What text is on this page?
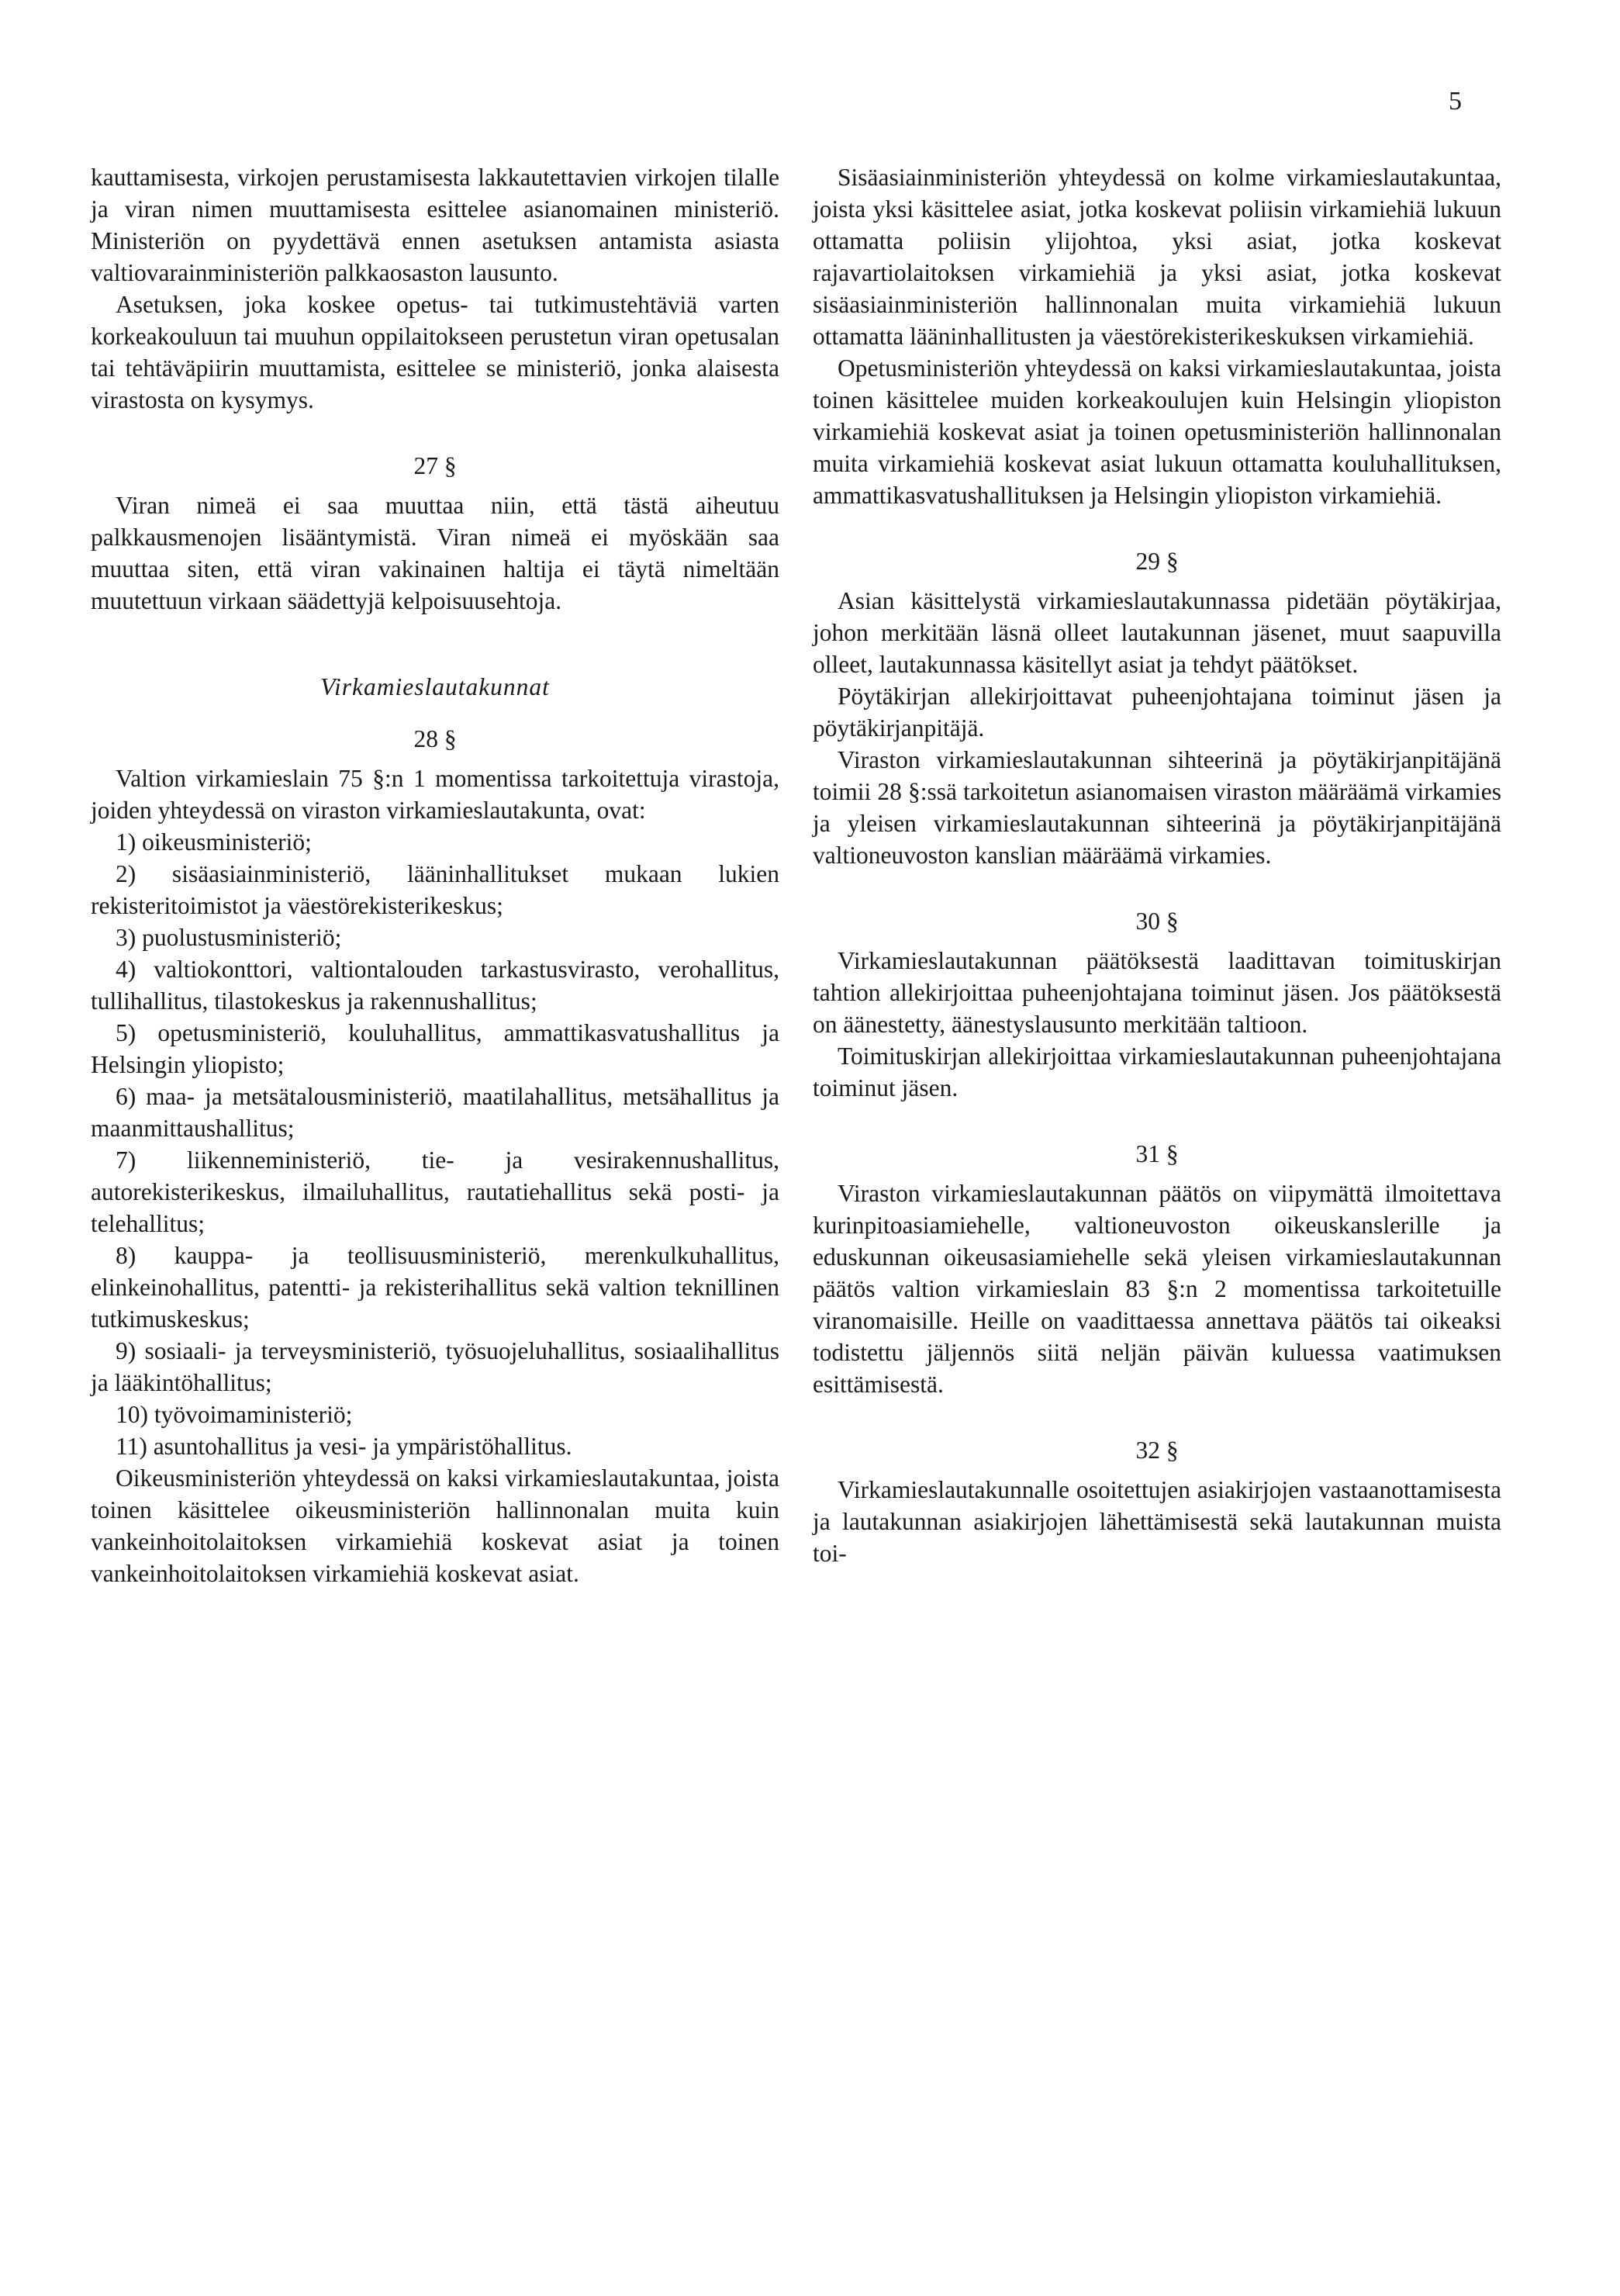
5

kauttamisesta, virkojen perustamisesta lakkautettavien virkojen tilalle ja viran nimen muuttamisesta esittelee asianomainen ministeriö. Ministeriön on pyydettävä ennen asetuksen antamista asiasta valtiovarainministeriön palkkaosaston lausunto.

Asetuksen, joka koskee opetus- tai tutkimustehtäviä varten korkeakouluun tai muuhun oppilaitokseen perustetun viran opetusalan tai tehtäväpiirin muuttamista, esittelee se ministeriö, jonka alaisesta virastosta on kysymys.

27 §

Viran nimeä ei saa muuttaa niin, että tästä aiheutuu palkkausmenojen lisääntymistä. Viran nimeä ei myöskään saa muuttaa siten, että viran vakinainen haltija ei täytä nimeltään muutettuun virkaan säädettyjä kelpoisuusehtoja.

Virkamieslautakunnat
28 §

Valtion virkamieslain 75 §:n 1 momentissa tarkoitettuja virastoja, joiden yhteydessä on viraston virkamieslautakunta, ovat:

1) oikeusministeriö;

2) sisäasiainministeriö, lääninhallitukset mukaan lukien rekisteritoimistot ja väestörekisterikeskus;

3) puolustusministeriö;

4) valtiokonttori, valtiontalouden tarkastusvirasto, verohallitus, tullihallitus, tilastokeskus ja rakennushallitus;

5) opetusministeriö, kouluhallitus, ammattikasvatushallitus ja Helsingin yliopisto;

6) maa- ja metsätalousministeriö, maatilahallitus, metsähallitus ja maanmittaushallitus;

7) liikenneministeriö, tie- ja vesirakennushallitus, autorekisterikeskus, ilmailuhallitus, rautatiehallitus sekä posti- ja telehallitus;

8) kauppa- ja teollisuusministeriö, merenkulkuhallitus, elinkeinohallitus, patentti- ja rekisterihallitus sekä valtion teknillinen tutkimuskeskus;

9) sosiaali- ja terveysministeriö, työsuojeluhallitus, sosiaalihallitus ja lääkintöhallitus;

10) työvoimaministeriö;

11) asuntohallitus ja vesi- ja ympäristöhallitus.

Oikeusministeriön yhteydessä on kaksi virkamieslautakuntaa, joista toinen käsittelee oikeusministeriön hallinnonalan muita kuin vankeinhoitolaitoksen virkamiehiä koskevat asiat ja toinen vankeinhoitolaitoksen virkamiehiä koskevat asiat.

Sisäasiainministeriön yhteydessä on kolme virkamieslautakuntaa, joista yksi käsittelee asiat, jotka koskevat poliisin virkamiehiä lukuun ottamatta poliisin ylijohtoa, yksi asiat, jotka koskevat rajavartiolaitoksen virkamiehiä ja yksi asiat, jotka koskevat sisäasiainministeriön hallinnonalan muita virkamiehiä lukuun ottamatta lääninhallitusten ja väestörekisterikeskuksen virkamiehiä.

Opetusministeriön yhteydessä on kaksi virkamieslautakuntaa, joista toinen käsittelee muiden korkeakoulujen kuin Helsingin yliopiston virkamiehiä koskevat asiat ja toinen opetusministeriön hallinnonalan muita virkamiehiä koskevat asiat lukuun ottamatta kouluhallituksen, ammattikasvatushallituksen ja Helsingin yliopiston virkamiehiä.

29 §

Asian käsittelystä virkamieslautakunnassa pidetään pöytäkirjaa, johon merkitään läsnä olleet lautakunnan jäsenet, muut saapuvilla olleet, lautakunnassa käsitellyt asiat ja tehdyt päätökset.

Pöytäkirjan allekirjoittavat puheenjohtajana toiminut jäsen ja pöytäkirjanpitäjä.

Viraston virkamieslautakunnan sihteerinä ja pöytäkirjanpitäjänä toimii 28 §:ssä tarkoitetun asianomaisen viraston määräämä virkamies ja yleisen virkamieslautakunnan sihteerinä ja pöytäkirjanpitäjänä valtioneuvoston kanslian määräämä virkamies.

30 §

Virkamieslautakunnan päätöksestä laadittavan toimituskirjan tahtion allekirjoittaa puheenjohtajana toiminut jäsen. Jos päätöksestä on äänestetty, äänestyslausunto merkitään taltioon.

Toimituskirjan allekirjoittaa virkamieslautakunnan puheenjohtajana toiminut jäsen.

31 §

Viraston virkamieslautakunnan päätös on viipymättä ilmoitettava kurinpitoasiamiehelle, valtioneuvoston oikeuskanslerille ja eduskunnan oikeusasiamiehelle sekä yleisen virkamieslautakunnan päätös valtion virkamieslain 83 §:n 2 momentissa tarkoitetuille viranomaisille. Heille on vaadittaessa annettava päätös tai oikeaksi todistettu jäljennös siitä neljän päivän kuluessa vaatimuksen esittämisestä.

32 §

Virkamieslautakunnalle osoitettujen asiakirjojen vastaanottamisesta ja lautakunnan asiakirjojen lähettämisestä sekä lautakunnan muista toi-
